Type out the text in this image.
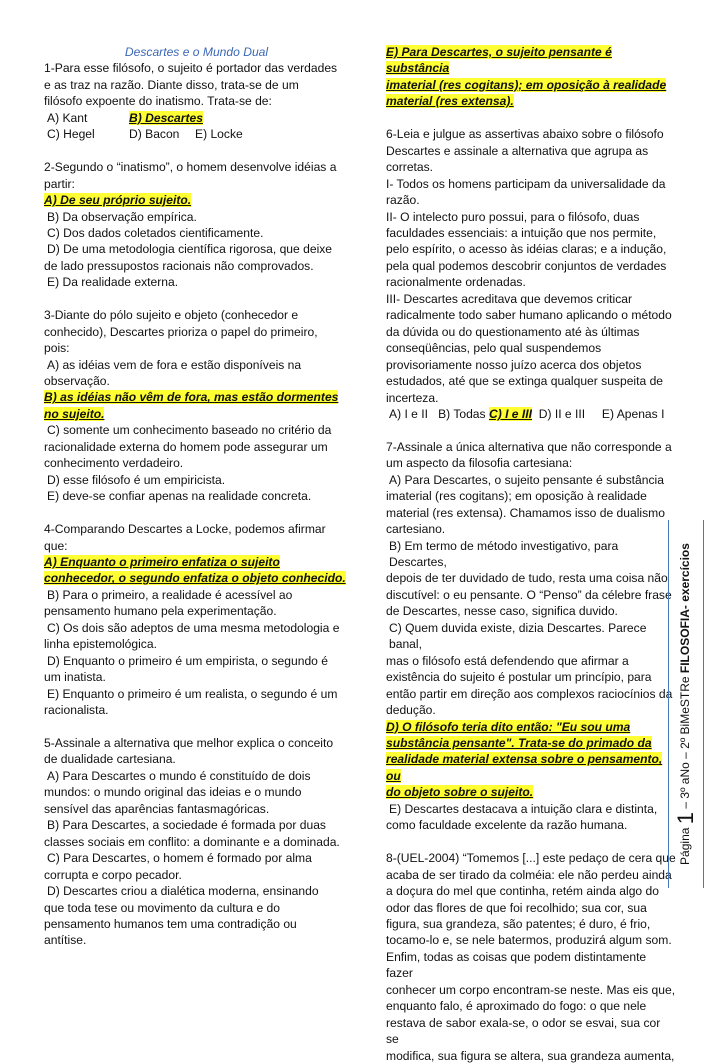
Descartes e o Mundo Dual

1-Para esse filósofo, o sujeito é portador das verdades

e as traz na razão. Diante disso, trata-se de um

filósofo expoente do inatismo. Trata-se de:

A) Kant	B) Descartes

C) Hegel	D) Bacon E) Locke

2-Segundo o “inatismo”, o homem desenvolve idéias a

partir:

A) De seu próprio sujeito.

B) Da observação empírica.

C) Dos dados coletados cientificamente.

D) De uma metodologia científica rigorosa, que deixe

de lado pressupostos racionais não comprovados.

E) Da realidade externa.

3-Diante do pólo sujeito e objeto (conhecedor e

conhecido), Descartes prioriza o papel do primeiro,

pois:

A) as idéias vem de fora e estão disponíveis na

observação.

B) as idéias não vêm de fora, mas estão dormentes

no sujeito.

C) somente um conhecimento baseado no critério da

racionalidade externa do homem pode assegurar um

conhecimento verdadeiro.

D) esse filósofo é um empiricista.

E) deve-se confiar apenas na realidade concreta.

4-Comparando Descartes a Locke, podemos afirmar

que:

A) Enquanto o primeiro enfatiza o sujeito

conhecedor, o segundo enfatiza o objeto conhecido.

B) Para o primeiro, a realidade é acessível ao

pensamento humano pela experimentação.

C) Os dois são adeptos de uma mesma metodologia e

linha epistemológica.

D) Enquanto o primeiro é um empirista, o segundo é

um inatista.

E) Enquanto o primeiro é um realista, o segundo é um

racionalista.

5-Assinale a alternativa que melhor explica o conceito

de dualidade cartesiana.

A) Para Descartes o mundo é constituído de dois

mundos: o mundo original das ideias e o mundo

sensível das aparências fantasmagóricas.

B) Para Descartes, a sociedade é formada por duas

classes sociais em conflito: a dominante e a dominada.

C) Para Descartes, o homem é formado por alma

corrupta e corpo pecador.

D) Descartes criou a dialética moderna, ensinando

que toda tese ou movimento da cultura e do

pensamento humanos tem uma contradição ou

antítise.

E) Para Descartes, o sujeito pensante é substância

imaterial (res cogitans); em oposição à realidade

material (res extensa).

6-Leia e julgue as assertivas abaixo sobre o filósofo

Descartes e assinale a alternativa que agrupa as

corretas.

I- Todos os homens participam da universalidade da

razão.

II- O intelecto puro possui, para o filósofo, duas

faculdades essenciais: a intuição que nos permite,

pelo espírito, o acesso às idéias claras; e a indução,

pela qual podemos descobrir conjuntos de verdades

racionalmente ordenadas.

III- Descartes acreditava que devemos criticar

radicalmente todo saber humano aplicando o método

da dúvida ou do questionamento até às últimas

conseqüências, pelo qual suspendemos

provisoriamente nosso juízo acerca dos objetos

estudados, até que se extinga qualquer suspeita de

incerteza.

A) I e II B) Todas C) I e III D) II e III E) Apenas I

7-Assinale a única alternativa que não corresponde a

um aspecto da filosofia cartesiana:

A) Para Descartes, o sujeito pensante é substância

imaterial (res cogitans); em oposição à realidade

material (res extensa). Chamamos isso de dualismo

cartesiano.

B) Em termo de método investigativo, para Descartes,

depois de ter duvidado de tudo, resta uma coisa não

discutível: o eu pensante. O “Penso” da célebre frase

de Descartes, nesse caso, significa duvido.

C) Quem duvida existe, dizia Descartes. Parece banal,

mas o filósofo está defendendo que afirmar a

existência do sujeito é postular um princípio, para

então partir em direção aos complexos raciocínios da

dedução.

D) O filósofo teria dito então: "Eu sou uma

substância pensante". Trata-se do primado da

realidade material extensa sobre o pensamento, ou

do objeto sobre o sujeito.

E) Descartes destacava a intuição clara e distinta,

como faculdade excelente da razão humana.

8-(UEL-2004) “Tomemos [...] este pedaço de cera que

acaba de ser tirado da colméia: ele não perdeu ainda

a doçura do mel que continha, retém ainda algo do

odor das flores de que foi recolhido; sua cor, sua

figura, sua grandeza, são patentes; é duro, é frio,

tocamo-lo e, se nele batermos, produzirá algum som.

Enfim, todas as coisas que podem distintamente fazer

conhecer um corpo encontram-se neste. Mas eis que,

enquanto falo, é aproximado do fogo: o que nele

restava de sabor exala-se, o odor se esvai, sua cor se

modifica, sua figura se altera, sua grandeza aumenta,

Página 1 – 3º aNo – 2º BiMeSTRe FILOSOFIA- exercícios
